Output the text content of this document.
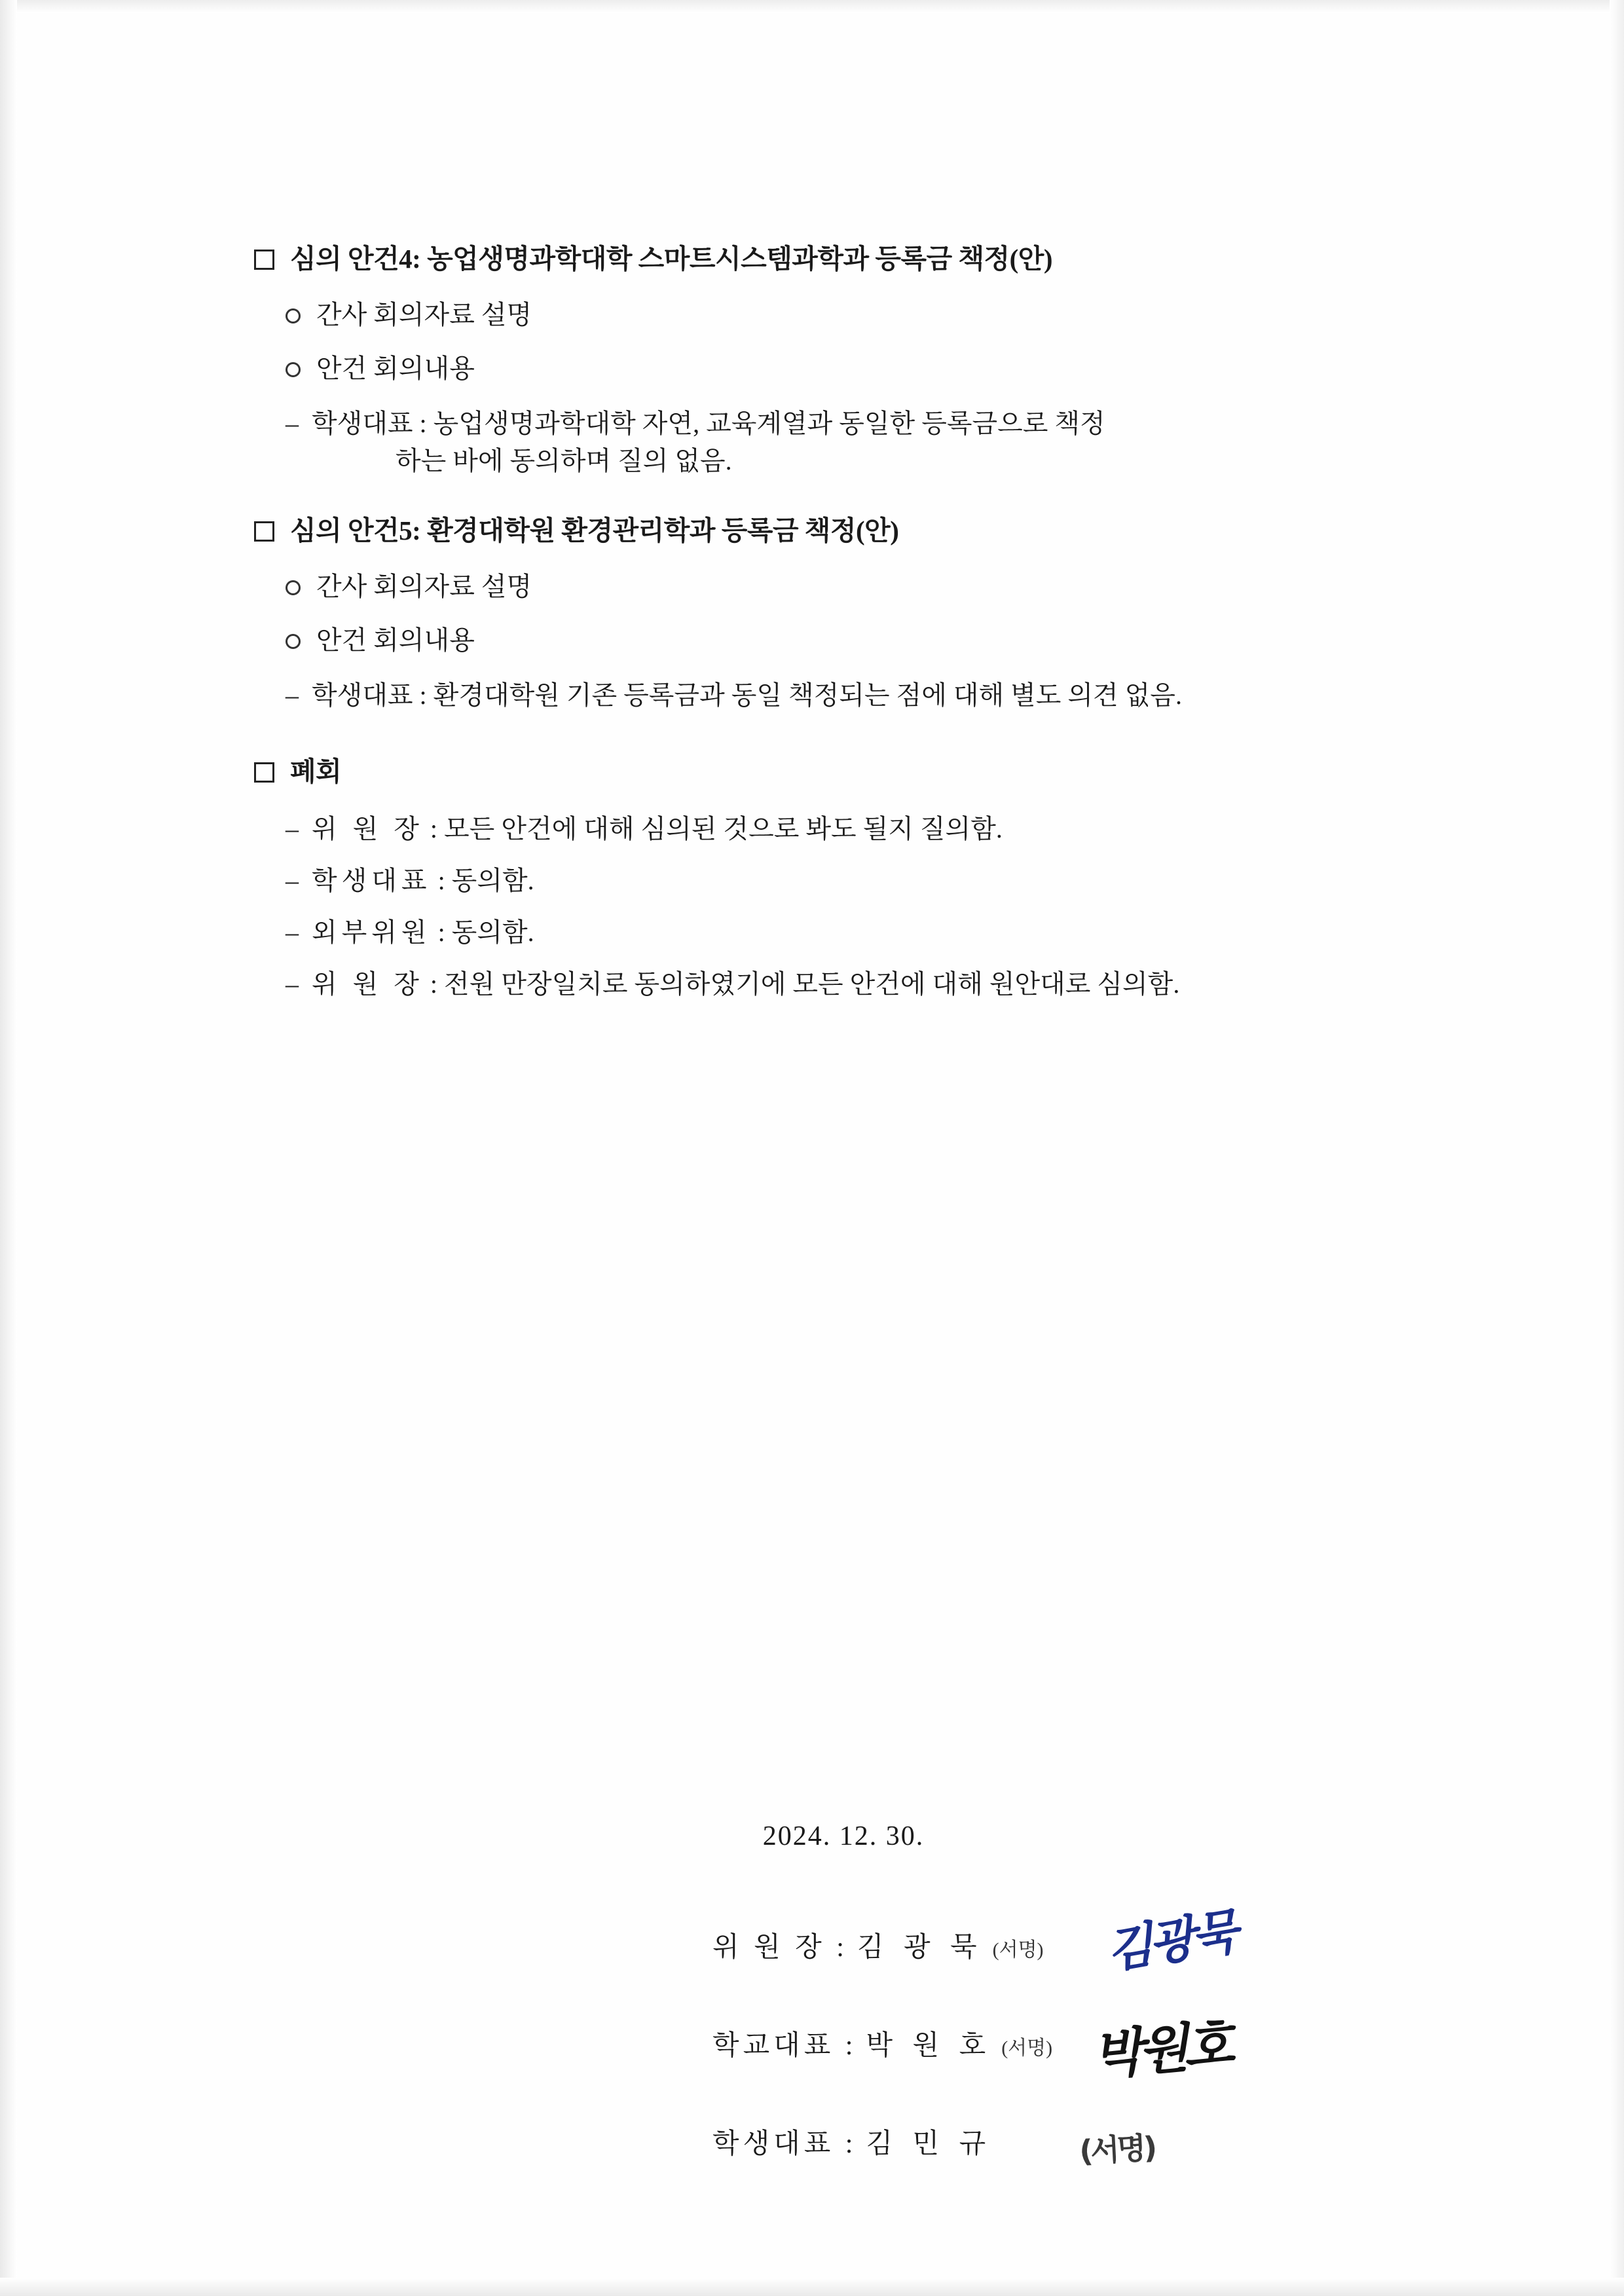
심의 안건4: 농업생명과학대학 스마트시스템과학과 등록금 책정(안)
간사 회의자료 설명
안건 회의내용
– 학생대표 : 농업생명과학대학 자연, 교육계열과 동일한 등록금으로 책정
하는 바에 동의하며 질의 없음.
심의 안건5: 환경대학원 환경관리학과 등록금 책정(안)
간사 회의자료 설명
안건 회의내용
– 학생대표 : 환경대학원 기존 등록금과 동일 책정되는 점에 대해 별도 의견 없음.
폐회
– 위 원 장 : 모든 안건에 대해 심의된 것으로 봐도 될지 질의함.
– 학생대표 : 동의함.
– 외부위원 : 동의함.
– 위 원 장 : 전원 만장일치로 동의하였기에 모든 안건에 대해 원안대로 심의함.
2024. 12. 30.
위 원 장 : 김 광 묵 (서명) 김광묵
학교대표 : 박 원 호 (서명) 박원호
학생대표 : 김 민 규	(서명)
